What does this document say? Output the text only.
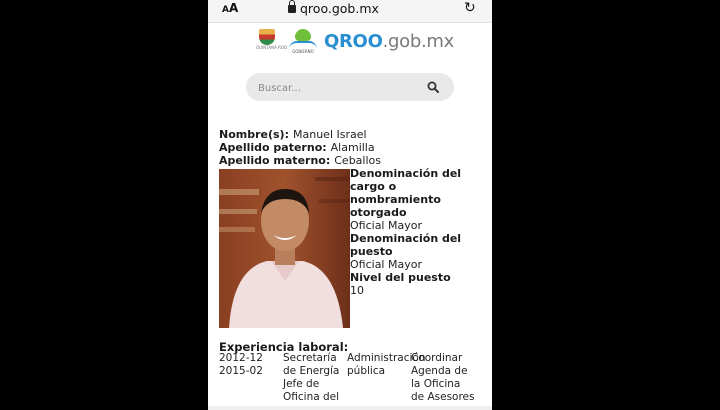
AA	qroo.gob.mx	↻
QUINTANA ROO
GOBIERNO QROO.gob.mx
Buscar...
Nombre(s): Manuel Israel
Apellido paterno: Alamilla
Apellido materno: Ceballos
Denominación del
cargo o
nombramiento
otorgado
Oficial Mayor
Denominación del
puesto
Oficial Mayor
Nivel del puesto
10
Experiencia laboral:
2012-12
2015-02
Secretaría
de Energía
Jefe de
Oficina del
Administración
pública
Coordinar
Agenda de
la Oficina
de Asesores
